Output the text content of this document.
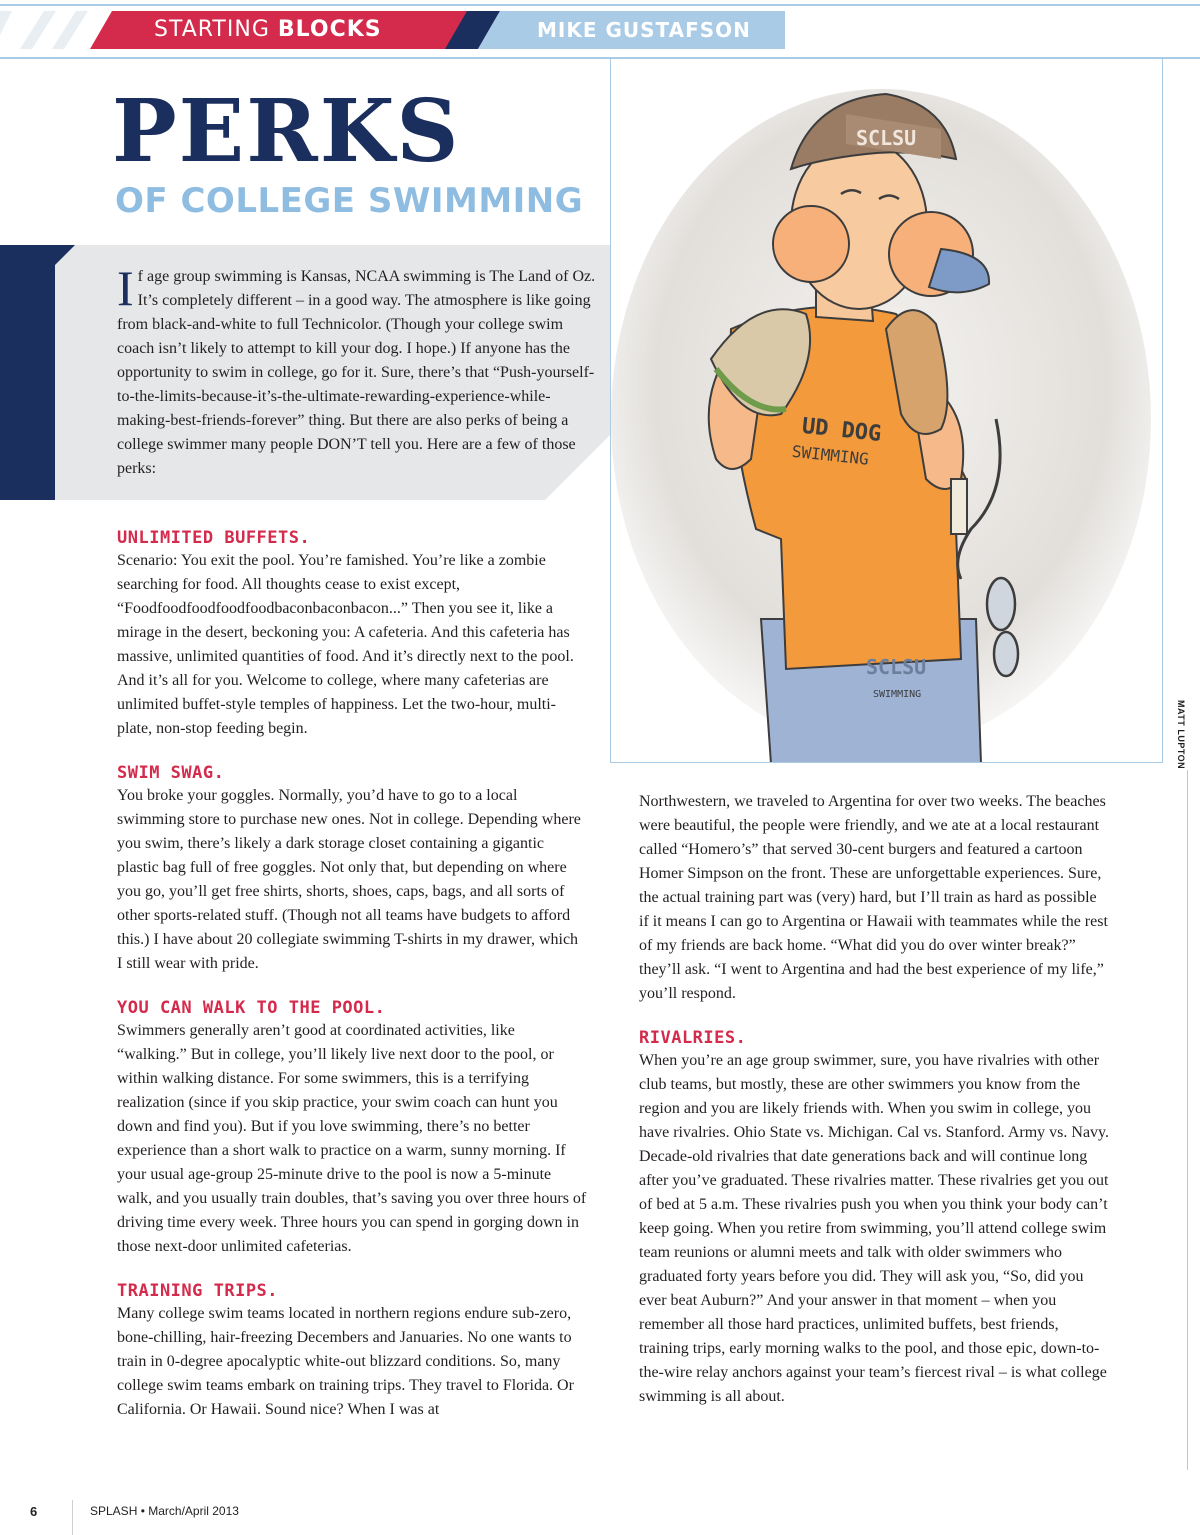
STARTING BLOCKS	MIKE GUSTAFSON
PERKS
OF COLLEGE SWIMMING
If age group swimming is Kansas, NCAA swimming is The Land of Oz. It’s completely different – in a good way. The atmosphere is like going from black-and-white to full Technicolor. (Though your college swim coach isn’t likely to attempt to kill your dog. I hope.) If anyone has the opportunity to swim in college, go for it. Sure, there’s that “Push-yourself-to-the-limits-because-it’s-the-ultimate-rewarding-experience-while-making-best-friends-forever” thing. But there are also perks of being a college swimmer many people DON’T tell you. Here are a few of those perks:
SCLSU
UD DOG
SWIMMING
SCLSU
SWIMMING
MATT LUPTON
UNLIMITED BUFFETS.
Scenario: You exit the pool. You’re famished. You’re like a zombie searching for food. All thoughts cease to exist except, “Foodfoodfoodfoodfoodbaconbaconbacon...” Then you see it, like a mirage in the desert, beckoning you: A cafeteria. And this cafeteria has massive, unlimited quantities of food. And it’s directly next to the pool. And it’s all for you. Welcome to college, where many cafeterias are unlimited buffet-style temples of happiness. Let the two-hour, multi-plate, non-stop feeding begin.
SWIM SWAG.
You broke your goggles. Normally, you’d have to go to a local swimming store to purchase new ones. Not in college. Depending where you swim, there’s likely a dark storage closet containing a gigantic plastic bag full of free goggles. Not only that, but depending on where you go, you’ll get free shirts, shorts, shoes, caps, bags, and all sorts of other sports-related stuff. (Though not all teams have budgets to afford this.) I have about 20 collegiate swimming T-shirts in my drawer, which I still wear with pride.
YOU CAN WALK TO THE POOL.
Swimmers generally aren’t good at coordinated activities, like “walking.” But in college, you’ll likely live next door to the pool, or within walking distance. For some swimmers, this is a terrifying realization (since if you skip practice, your swim coach can hunt you down and find you). But if you love swimming, there’s no better experience than a short walk to practice on a warm, sunny morning. If your usual age-group 25-minute drive to the pool is now a 5-minute walk, and you usually train doubles, that’s saving you over three hours of driving time every week. Three hours you can spend in gorging down in those next-door unlimited cafeterias.
TRAINING TRIPS.
Many college swim teams located in northern regions endure sub-zero, bone-chilling, hair-freezing Decembers and Januaries. No one wants to train in 0-degree apocalyptic white-out blizzard conditions. So, many college swim teams embark on training trips. They travel to Florida. Or California. Or Hawaii. Sound nice? When I was at
Northwestern, we traveled to Argentina for over two weeks. The beaches were beautiful, the people were friendly, and we ate at a local restaurant called “Homero’s” that served 30-cent burgers and featured a cartoon Homer Simpson on the front. These are unforgettable experiences. Sure, the actual training part was (very) hard, but I’ll train as hard as possible if it means I can go to Argentina or Hawaii with teammates while the rest of my friends are back home. “What did you do over winter break?” they’ll ask. “I went to Argentina and had the best experience of my life,” you’ll respond.
RIVALRIES.
When you’re an age group swimmer, sure, you have rivalries with other club teams, but mostly, these are other swimmers you know from the region and you are likely friends with. When you swim in college, you have rivalries. Ohio State vs. Michigan. Cal vs. Stanford. Army vs. Navy. Decade-old rivalries that date generations back and will continue long after you’ve graduated. These rivalries matter. These rivalries get you out of bed at 5 a.m. These rivalries push you when you think your body can’t keep going. When you retire from swimming, you’ll attend college swim team reunions or alumni meets and talk with older swimmers who graduated forty years before you did. They will ask you, “So, did you ever beat Auburn?” And your answer in that moment – when you remember all those hard practices, unlimited buffets, best friends, training trips, early morning walks to the pool, and those epic, down-to-the-wire relay anchors against your team’s fiercest rival – is what college swimming is all about.
6	SPLASH • March/April 2013
